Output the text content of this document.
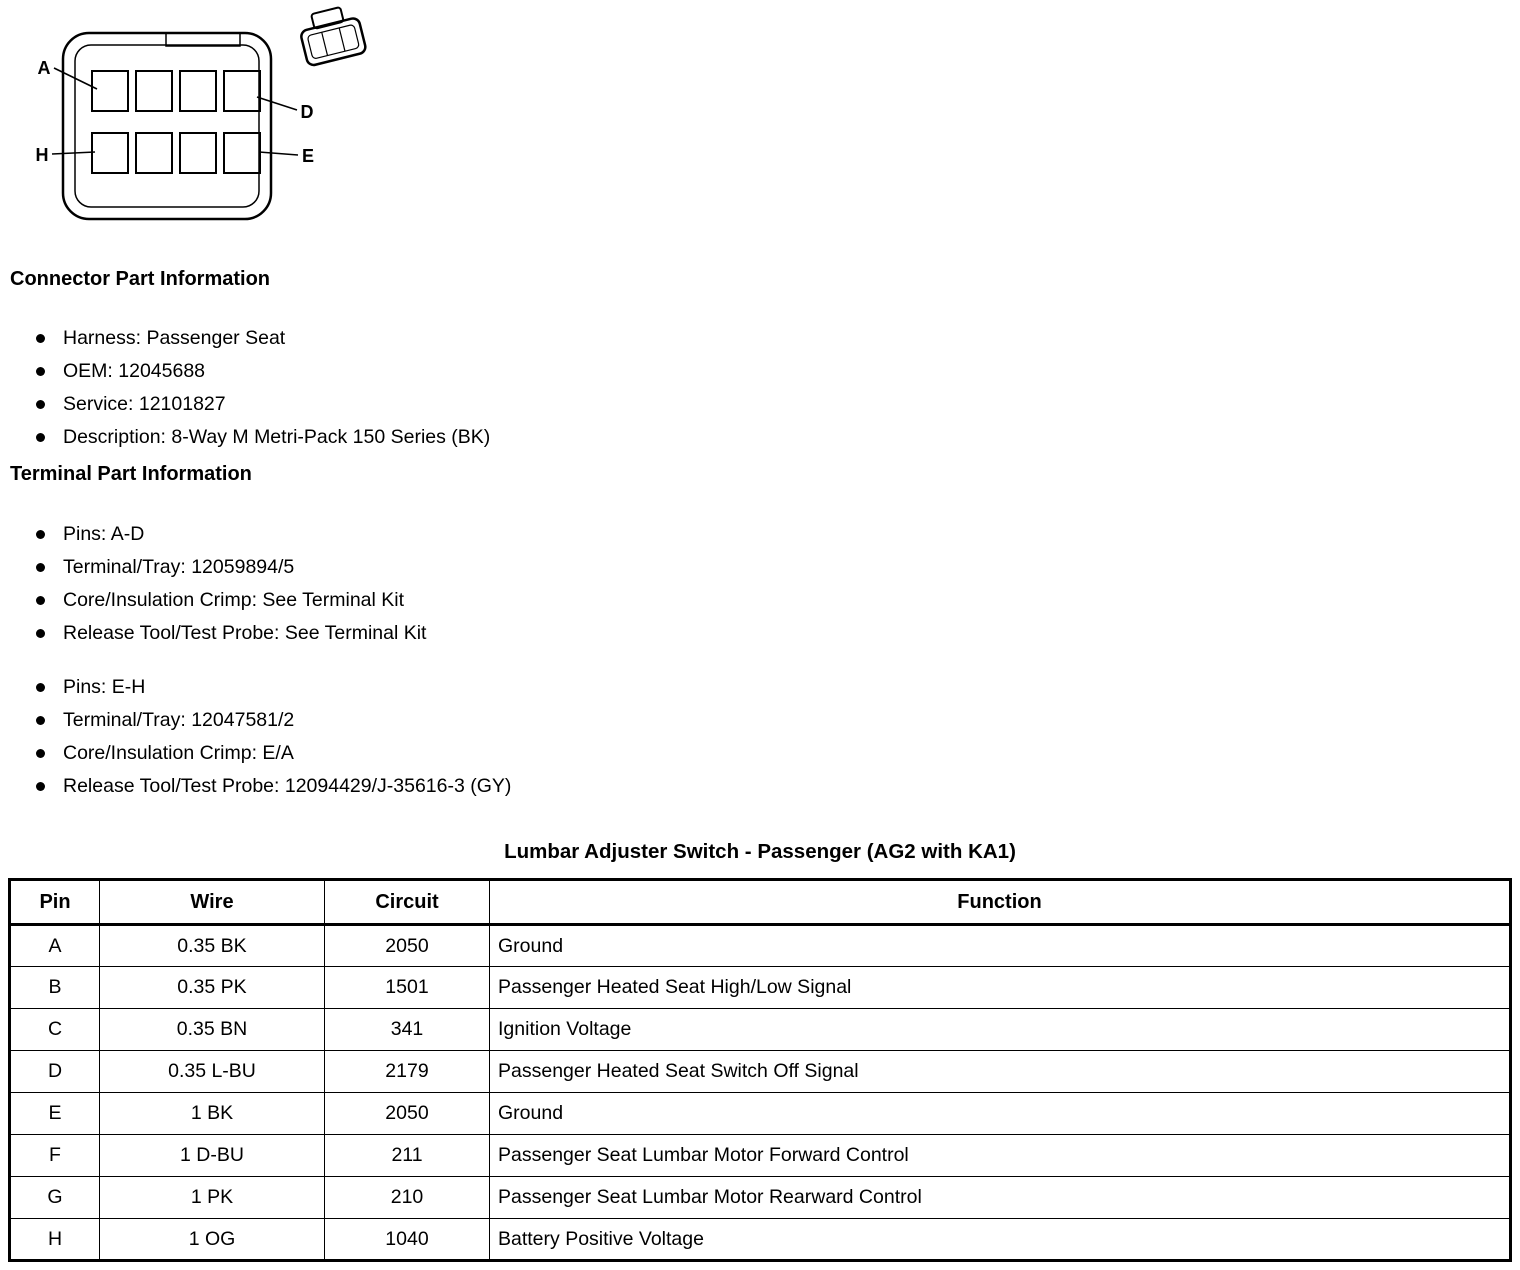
A
D
H	E
Connector Part Information
Harness: Passenger Seat
OEM: 12045688
Service: 12101827
Description: 8-Way M Metri-Pack 150 Series (BK)
Terminal Part Information
Pins: A-D
Terminal/Tray: 12059894/5
Core/Insulation Crimp: See Terminal Kit
Release Tool/Test Probe: See Terminal Kit
Pins: E-H
Terminal/Tray: 12047581/2
Core/Insulation Crimp: E/A
Release Tool/Test Probe: 12094429/J-35616-3 (GY)
Lumbar Adjuster Switch - Passenger (AG2 with KA1)
Pin	Wire	Circuit	Function
A	0.35 BK	2050	Ground
B	0.35 PK	1501	Passenger Heated Seat High/Low Signal
C	0.35 BN	341	Ignition Voltage
D	0.35 L-BU	2179	Passenger Heated Seat Switch Off Signal
E	1 BK	2050	Ground
F	1 D-BU	211	Passenger Seat Lumbar Motor Forward Control
G	1 PK	210	Passenger Seat Lumbar Motor Rearward Control
H	1 OG	1040	Battery Positive Voltage
